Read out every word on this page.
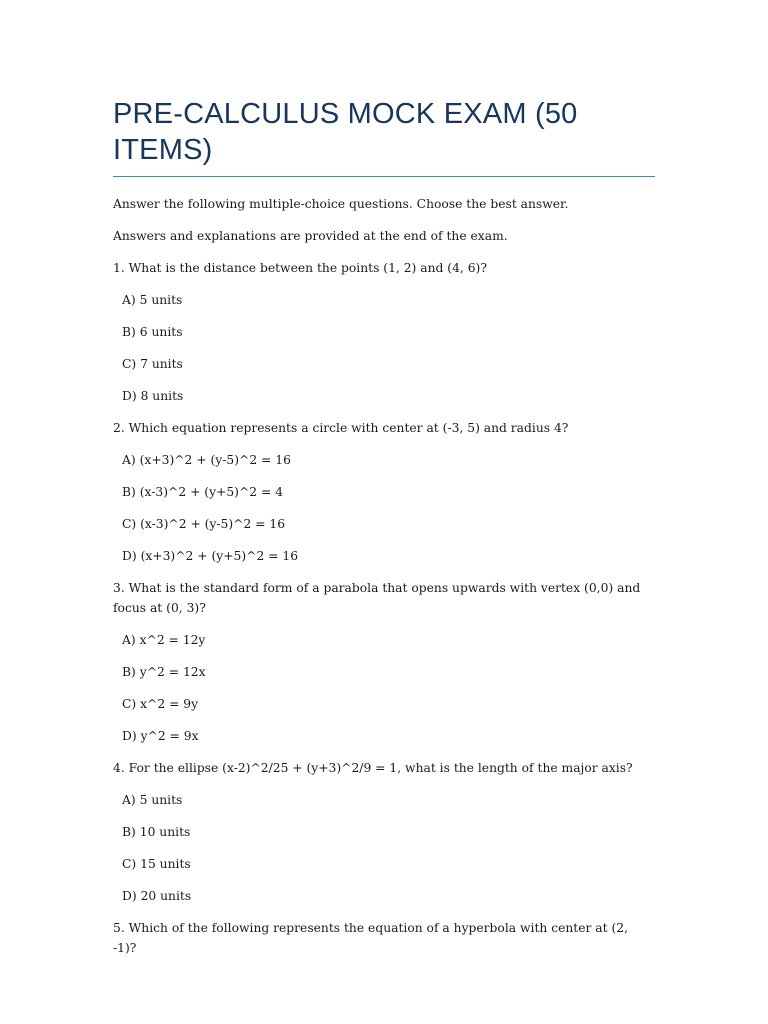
PRE-CALCULUS MOCK EXAM (50 ITEMS)

Answer the following multiple-choice questions. Choose the best answer.

Answers and explanations are provided at the end of the exam.

1. What is the distance between the points (1, 2) and (4, 6)?

A) 5 units

B) 6 units

C) 7 units

D) 8 units

2. Which equation represents a circle with center at (-3, 5) and radius 4?

A) (x+3)^2 + (y-5)^2 = 16

B) (x-3)^2 + (y+5)^2 = 4

C) (x-3)^2 + (y-5)^2 = 16

D) (x+3)^2 + (y+5)^2 = 16

3. What is the standard form of a parabola that opens upwards with vertex (0,0) and focus at (0, 3)?

A) x^2 = 12y

B) y^2 = 12x

C) x^2 = 9y

D) y^2 = 9x

4. For the ellipse (x-2)^2/25 + (y+3)^2/9 = 1, what is the length of the major axis?

A) 5 units

B) 10 units

C) 15 units

D) 20 units

5. Which of the following represents the equation of a hyperbola with center at (2, -1)?
